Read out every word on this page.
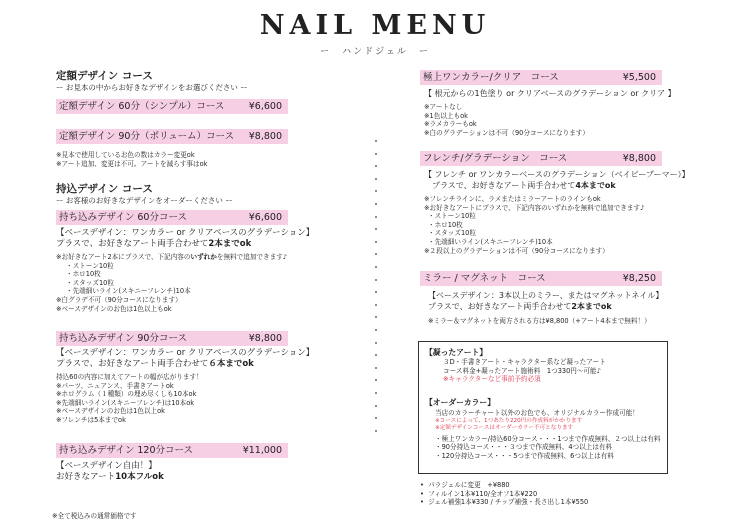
NAIL MENU
ー　ハンドジェル　ー
定額デザイン コース
ー お見本の中からお好きなデザインをお選びください ー
定額デザイン 60分（シンプル）コース	¥6,600
定額デザイン 90分（ボリューム）コース ¥8,800
※見本で使用しているお色の数はカラー変更ok
※アート追加、変更は不可。アートを減らす事はok
持込デザイン コース
ー お客様のお好きなデザインをオーダーください ー
持ち込みデザイン 60分コース	¥6,600
【ベースデザイン：ワンカラー or クリアベースのグラデーション】
プラスで、お好きなアート両手合わせて2本までok
※お好きなアート2本にプラスで、下記内容のいずれかを無料で追加できます♪
・ストーン10粒
・ホロ10枚
・スタッズ10粒
・先端細いライン(スキニーフレンチ)10本
※白グラデ不可（90分コースになります）
※ベースデザインのお色は1色以上もok
持ち込みデザイン 90分コース	¥8,800
【ベースデザイン：ワンカラー or クリアベースのグラデーション】
プラスで、お好きなアート両手合わせて６本までok
持込60の内容に加えてアートの幅が広がります！
※パーツ、ニュアンス、手書きアートok
※ホログラム（１種類）の埋め尽くしも10本ok
※先端細いライン(スキニーフレンチ)は10本ok
※ベースデザインのお色は1色以上ok
※フレンチは5本までok
持ち込みデザイン 120分コース	¥11,000
【ベースデザイン自由！】
お好きなアート10本フルok
※全て税込みの通常価格です
極上ワンカラー/クリア　コース	¥5,500
【 根元からの1色塗り or クリアベースのグラデーション or クリア 】
※アートなし
※1色以上もok
※ラメカラーもok
※白のグラデーションは不可（90分コースになります）
フレンチ/グラデーション　コース	¥8,800
【 フレンチ or ワンカラーベースのグラデーション（ベイビーブーマー）】
プラスで、お好きなアート両手合わせて4本までok
※フレンチラインに、ラメまたはミラーアートのラインもok
※お好きなアートにプラスで、下記内容のいずれかを無料で追加できます♪
・ストーン10粒
・ホロ10枚
・スタッズ10粒
・先端細いライン(スキニーフレンチ)10本
※２段以上のグラデーションは不可（90分コースになります）
ミラー / マグネット　コース	¥8,250
【ベースデザイン：3本以上のミラー、またはマグネットネイル】
プラスで、お好きなアート両手合わせて2本までok
※ミラー＆マグネットを両方される方は¥8,800（+アート4本まで無料！）
【凝ったアート】
３D・手書きアート・キャラクター系など凝ったアート
コース料金+凝ったアート施術料　1つ330円～可能♪
※キャラクターなど事前予約必須
【オーダーカラー】
当店のカラーチャート以外のお色でも、オリジナルカラー作成可能！
※コースによって、1つあたり220円の作成料がかかります
※定額デザインコースはオーダーカラー不可となります
・極上ワンカラー/持込60分コース・・・1つまで作成無料、２つ以上は有料
・90分持込コース・・・３つまで作成無料、4つ以上は有料
・120分持込コース・・・5つまで作成無料、6つ以上は有料
•  パラジェルに変更　+¥880
•  フィルイン1本¥110/全オフ1本¥220
•  ジェル補強1本¥330 / チップ補強・長さ出し1本¥550
